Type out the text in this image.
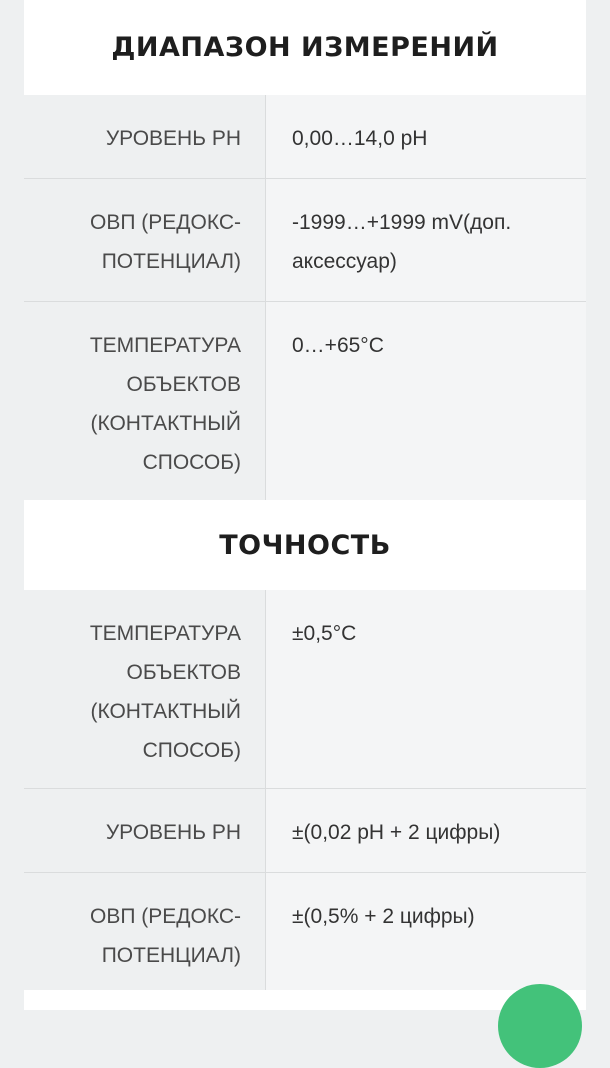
ДИАПАЗОН ИЗМЕРЕНИЙ
УРОВЕНЬ PH	0,00…14,0 pH
ОВП (РЕДОКС-ПОТЕНЦИАЛ)
-1999…+1999 mV(доп. аксессуар)
ТЕМПЕРАТУРА ОБЪЕКТОВ (КОНТАКТНЫЙ СПОСОБ)
0…+65°C
ТОЧНОСТЬ
ТЕМПЕРАТУРА ОБЪЕКТОВ (КОНТАКТНЫЙ СПОСОБ)
±0,5°C
УРОВЕНЬ PH	±(0,02 pH + 2 цифры)
ОВП (РЕДОКС-ПОТЕНЦИАЛ)
±(0,5% + 2 цифры)
